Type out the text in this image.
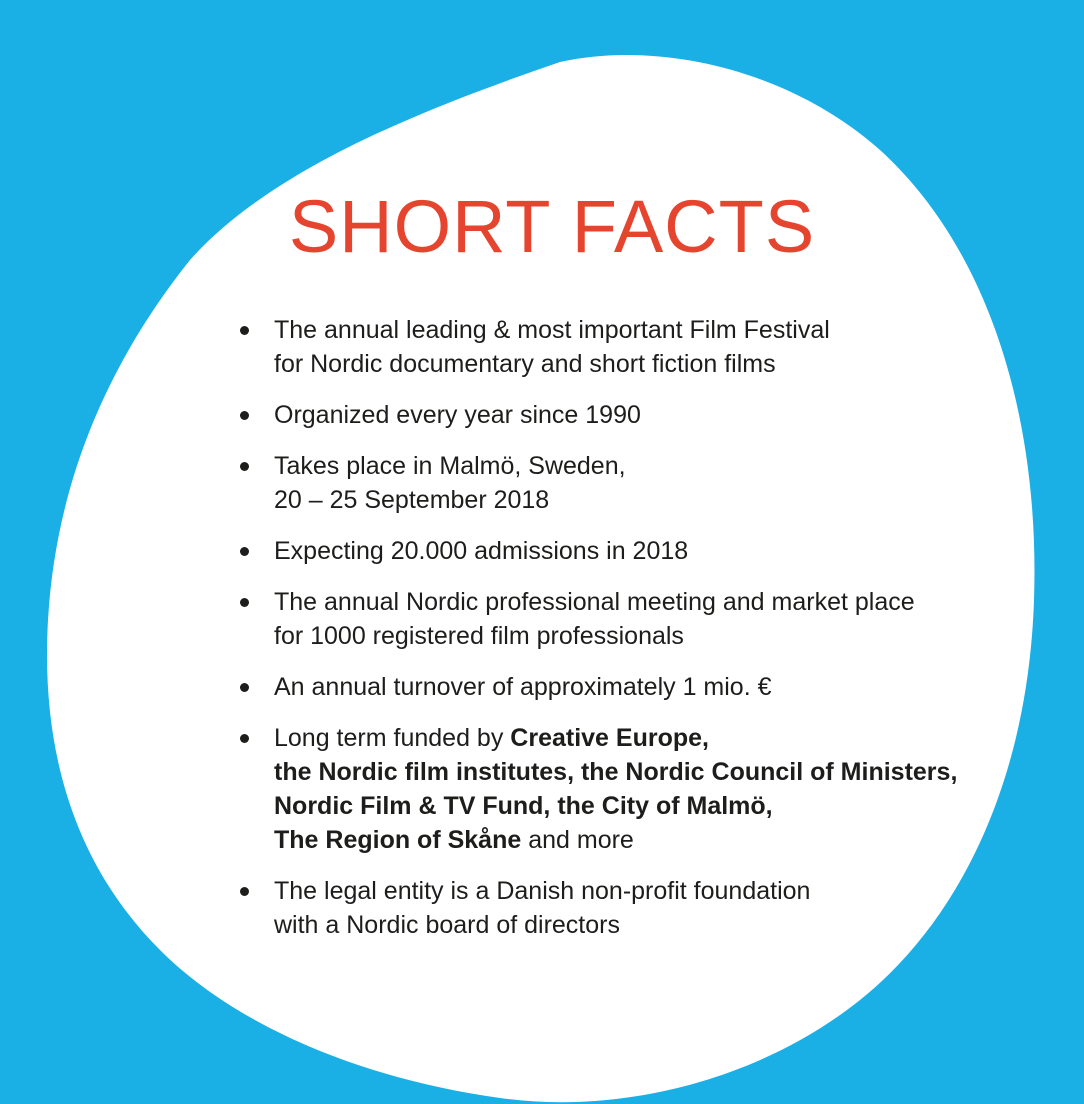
SHORT FACTS
The annual leading & most important Film Festival
for Nordic documentary and short fiction films
Organized every year since 1990
Takes place in Malmö, Sweden,
20 – 25 September 2018
Expecting 20.000 admissions in 2018
The annual Nordic professional meeting and market place
for 1000 registered film professionals
An annual turnover of approximately 1 mio. €
Long term funded by Creative Europe,
the Nordic film institutes, the Nordic Council of Ministers,
Nordic Film & TV Fund, the City of Malmö,
The Region of Skåne and more
The legal entity is a Danish non-profit foundation
with a Nordic board of directors
